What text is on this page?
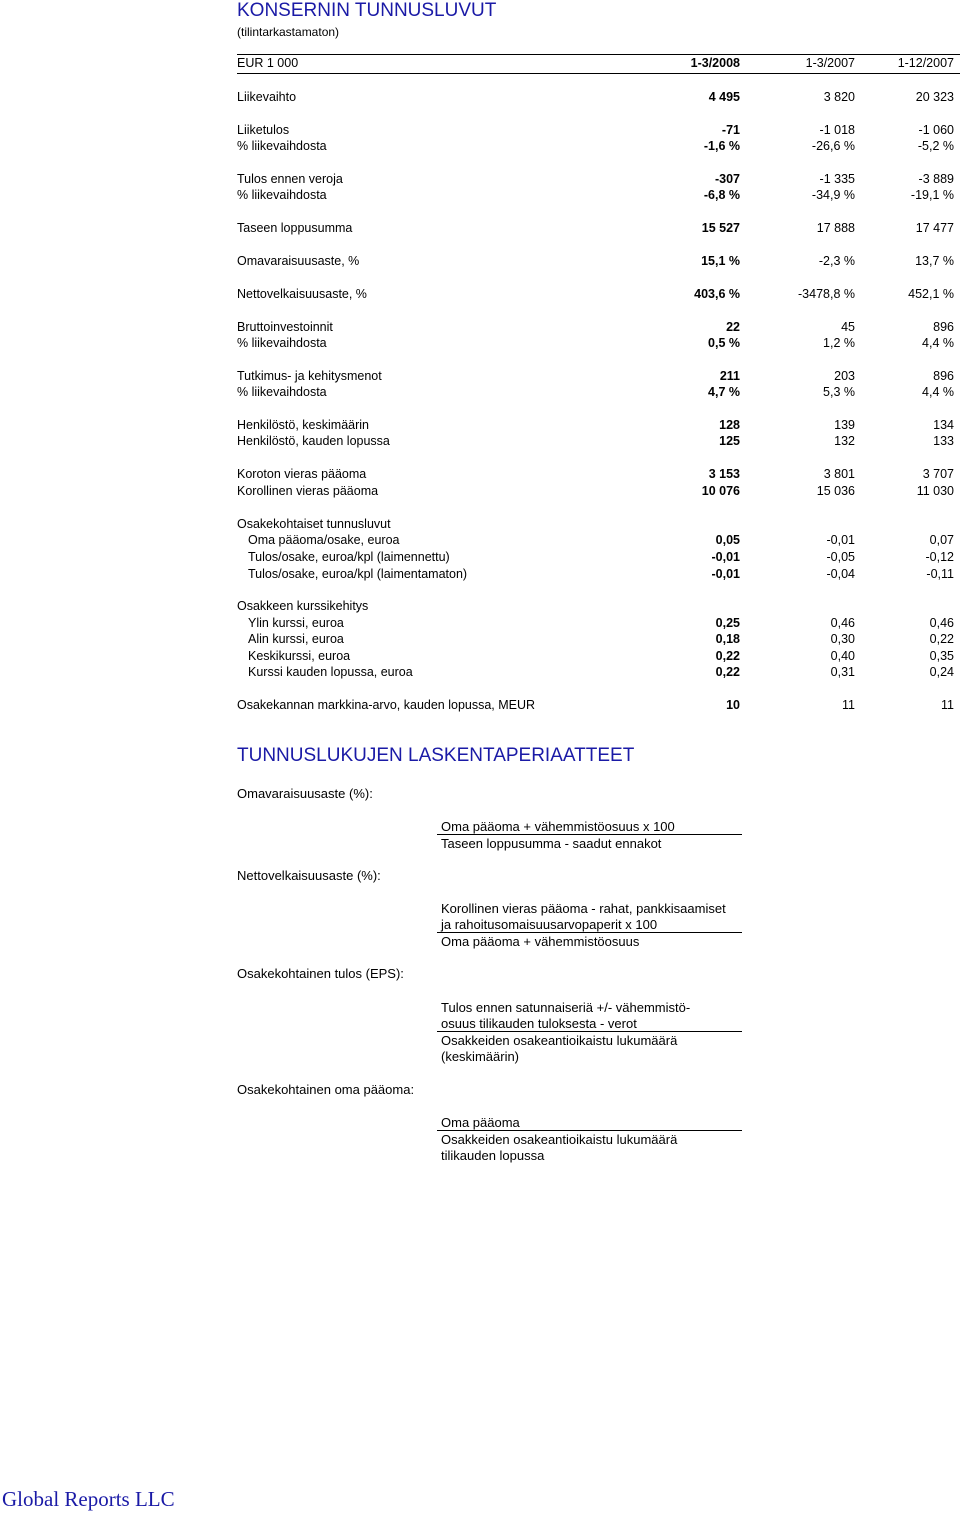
KONSERNIN TUNNUSLUVUT
(tilintarkastamaton)
EUR 1 000	1-3/2008	1-3/2007	1-12/2007
Liikevaihto	4 495	3 820	20 323
Liiketulos	-71	-1 018	-1 060
% liikevaihdosta	-1,6 %	-26,6 %	-5,2 %
Tulos ennen veroja	-307	-1 335	-3 889
% liikevaihdosta	-6,8 %	-34,9 %	-19,1 %
Taseen loppusumma	15 527	17 888	17 477
Omavaraisuusaste, %	15,1 %	-2,3 %	13,7 %
Nettovelkaisuusaste, %	403,6 %	-3478,8 %	452,1 %
Bruttoinvestoinnit	22	45	896
% liikevaihdosta	0,5 %	1,2 %	4,4 %
Tutkimus- ja kehitysmenot	211	203	896
% liikevaihdosta	4,7 %	5,3 %	4,4 %
Henkilöstö, keskimäärin	128	139	134
Henkilöstö, kauden lopussa	125	132	133
Koroton vieras pääoma	3 153	3 801	3 707
Korollinen vieras pääoma	10 076	15 036	11 030
Osakekohtaiset tunnusluvut
Oma pääoma/osake, euroa	0,05	-0,01	0,07
Tulos/osake, euroa/kpl (laimennettu)	-0,01	-0,05	-0,12
Tulos/osake, euroa/kpl (laimentamaton)	-0,01	-0,04	-0,11
Osakkeen kurssikehitys
Ylin kurssi, euroa	0,25	0,46	0,46
Alin kurssi, euroa	0,18	0,30	0,22
Keskikurssi, euroa	0,22	0,40	0,35
Kurssi kauden lopussa, euroa	0,22	0,31	0,24
Osakekannan markkina-arvo, kauden lopussa, MEUR	10	11	11
TUNNUSLUKUJEN LASKENTAPERIAATTEET
Omavaraisuusaste (%):
Oma pääoma + vähemmistöosuus x 100
Taseen loppusumma - saadut ennakot
Nettovelkaisuusaste (%):
Korollinen vieras pääoma - rahat, pankkisaamiset
ja rahoitusomaisuusarvopaperit x 100
Oma pääoma + vähemmistöosuus
Osakekohtainen tulos (EPS):
Tulos ennen satunnaiseriä +/- vähemmistö-
osuus tilikauden tuloksesta - verot
Osakkeiden osakeantioikaistu lukumäärä
(keskimäärin)
Osakekohtainen oma pääoma:
Oma pääoma
Osakkeiden osakeantioikaistu lukumäärä
tilikauden lopussa
Global Reports LLC
